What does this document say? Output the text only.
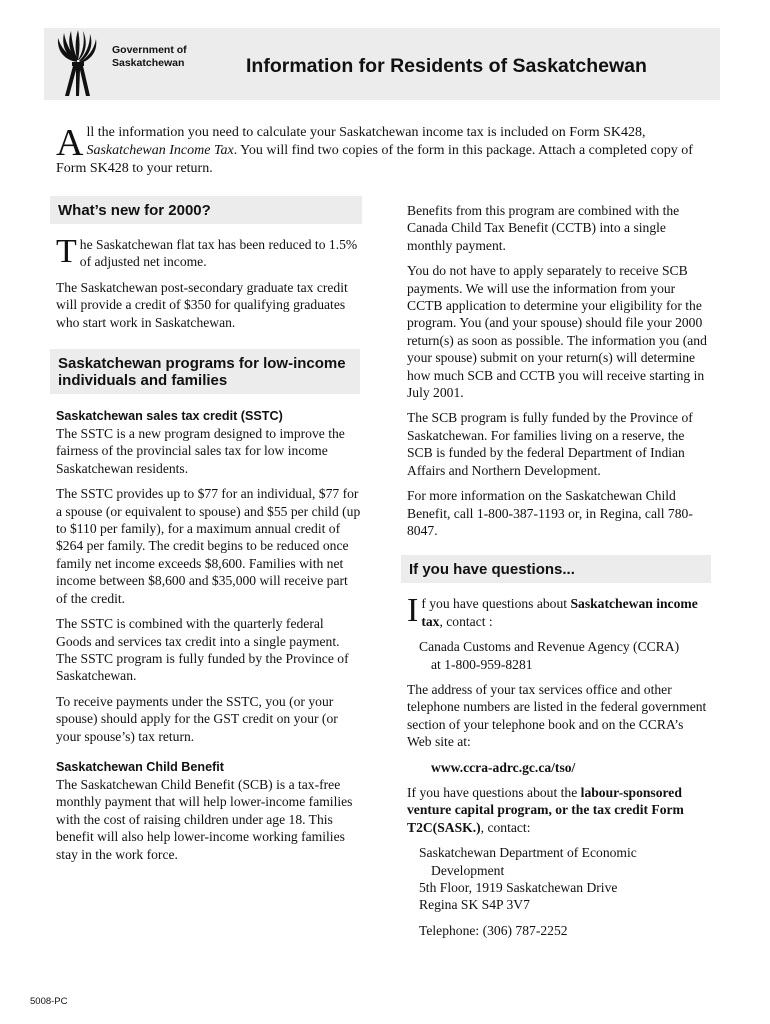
Government of
Saskatchewan	Information for Residents of Saskatchewan
All the information you need to calculate your Saskatchewan income tax is included on Form SK428, Saskatchewan Income Tax. You will find two copies of the form in this package. Attach a completed copy of Form SK428 to your return.
What’s new for 2000?

The Saskatchewan flat tax has been reduced to 1.5% of adjusted net income.

The Saskatchewan post-secondary graduate tax credit will provide a credit of $350 for qualifying graduates who start work in Saskatchewan.

Saskatchewan programs for low-income individuals and families
Saskatchewan sales tax credit (SSTC)

The SSTC is a new program designed to improve the fairness of the provincial sales tax for low income Saskatchewan residents.

The SSTC provides up to $77 for an individual, $77 for a spouse (or equivalent to spouse) and $55 per child (up to $110 per family), for a maximum annual credit of $264 per family. The credit begins to be reduced once family net income exceeds $8,600. Families with net income between $8,600 and $35,000 will receive part of the credit.

The SSTC is combined with the quarterly federal Goods and services tax credit into a single payment. The SSTC program is fully funded by the Province of Saskatchewan.

To receive payments under the SSTC, you (or your spouse) should apply for the GST credit on your (or your spouse’s) tax return.

Saskatchewan Child Benefit

The Saskatchewan Child Benefit (SCB) is a tax-free monthly payment that will help lower-income families with the cost of raising children under age 18. This benefit will also help lower-income working families stay in the work force.

Benefits from this program are combined with the Canada Child Tax Benefit (CCTB) into a single monthly payment.

You do not have to apply separately to receive SCB payments. We will use the information from your CCTB application to determine your eligibility for the program. You (and your spouse) should file your 2000 return(s) as soon as possible. The information you (and your spouse) submit on your return(s) will determine how much SCB and CCTB you will receive starting in July 2001.

The SCB program is fully funded by the Province of Saskatchewan. For families living on a reserve, the SCB is funded by the federal Department of Indian Affairs and Northern Development.

For more information on the Saskatchewan Child Benefit, call 1-800-387-1193 or, in Regina, call 780-8047.

If you have questions...

If you have questions about Saskatchewan income tax, contact :

Canada Customs and Revenue Agency (CCRA)
at 1-800-959-8281

The address of your tax services office and other telephone numbers are listed in the federal government section of your telephone book and on the CCRA’s Web site at:

www.ccra-adrc.gc.ca/tso/

If you have questions about the labour-sponsored venture capital program, or the tax credit Form T2C(SASK.), contact:

Saskatchewan Department of Economic
Development
5th Floor, 1919 Saskatchewan Drive
Regina SK S4P 3V7

Telephone: (306) 787-2252

5008-PC
